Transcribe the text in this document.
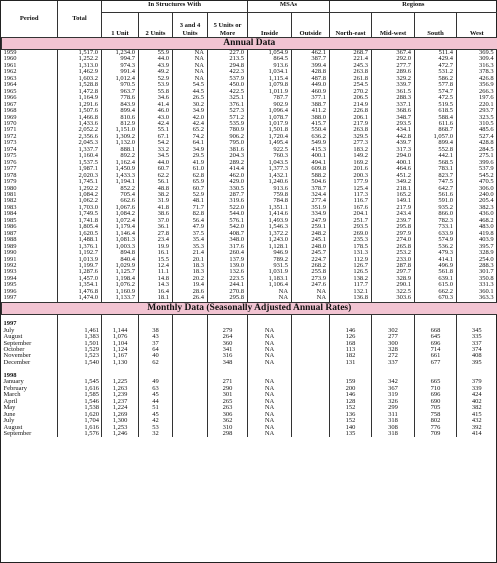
Period	Total	In Structures With				MSAs		Regions			
		1 Unit	2 Units	3 and 4 Units	5 Units or More	Inside	Outside	North-east	Mid-west	South	West
Annual Data											
1959	1,517.0	1,234.0	55.9	NA	227.0	1,054.9	462.1	268.7	367.4	511.4	369.5
1960	1,252.2	994.7	44.0	NA	213.5	864.5	387.7	221.4	292.0	429.4	309.4
1961	1,313.0	974.3	43.9	NA	294.8	913.6	399.4	245.3	277.7	472.7	316.3
1962	1,462.9	991.4	49.2	NA	422.3	1,034.1	428.8	263.8	289.6	531.2	378.3
1963	1,603.2	1,012.4	52.9	NA	537.9	1,115.4	487.8	261.8	329.2	586.2	426.8
1964	1,528.8	970.5	53.9	54.5	450.0	1,079.8	449.0	254.5	339.7	577.8	356.9
1965	1,472.8	963.7	55.8	44.5	422.5	1,011.9	460.9	270.2	361.5	574.7	266.3
1966	1,164.9	778.6	34.6	26.5	325.1	787.7	377.1	206.5	288.3	472.5	197.6
1967	1,291.6	843.9	41.4	30.2	376.1	902.9	388.7	214.9	337.1	519.5	220.1
1968	1,507.6	899.4	46.0	34.9	527.3	1,096.4	411.2	226.8	368.6	618.5	293.7
1969	1,466.8	810.6	43.0	42.0	571.2	1,078.7	388.0	206.1	348.7	588.4	323.5
1970	1,433.6	812.9	42.4	42.4	535.9	1,017.9	415.7	217.9	293.5	611.6	310.5
1971	2,052.2	1,151.0	55.1	65.2	780.9	1,501.8	550.4	263.8	434.1	868.7	485.6
1972	2,356.6	1,309.2	67.1	74.2	906.2	1,720.4	636.2	329.5	442.8	1,057.0	527.4
1973	2,045.3	1,132.0	54.2	64.1	795.0	1,495.4	549.9	277.3	439.7	899.4	428.8
1974	1,337.7	888.1	33.2	34.9	381.6	922.5	415.3	183.2	317.3	552.8	284.5
1975	1,160.4	892.2	34.5	29.5	204.3	760.3	400.1	149.2	294.0	442.1	275.1
1976	1,537.5	1,162.4	44.0	41.9	289.2	1,043.5	494.1	169.2	400.1	568.5	399.6
1977	1,987.1	1,450.9	60.7	61.0	414.4	1,377.3	609.8	201.6	464.6	783.1	537.9
1978	2,020.3	1,433.3	62.2	62.8	462.0	1,432.1	588.2	200.3	451.2	823.7	545.2
1979	1,745.1	1,194.1	56.1	65.9	429.0	1,240.6	504.6	177.9	349.2	747.5	470.5
1980	1,292.2	852.2	48.8	60.7	330.5	913.6	378.7	125.4	218.1	642.7	306.0
1981	1,084.2	705.4	38.2	52.9	287.7	759.8	324.4	117.3	165.2	561.6	240.0
1982	1,062.2	662.6	31.9	48.1	319.6	784.8	277.4	116.7	149.1	591.0	205.4
1983	1,703.0	1,067.6	41.8	71.7	522.0	1,351.1	351.9	167.6	217.9	935.2	382.3
1984	1,749.5	1,084.2	38.6	82.8	544.0	1,414.6	334.9	204.1	243.4	866.0	436.0
1985	1,741.8	1,072.4	37.0	56.4	576.1	1,493.9	247.9	251.7	239.7	782.3	468.2
1986	1,805.4	1,179.4	36.1	47.9	542.0	1,546.3	259.1	293.5	295.8	733.1	483.0
1987	1,620.5	1,146.4	27.8	37.5	408.7	1,372.2	248.2	269.0	297.9	633.9	419.8
1988	1,488.1	1,081.3	23.4	35.4	348.0	1,243.0	245.1	235.3	274.0	574.9	403.9
1989	1,376.1	1,003.3	19.9	35.3	317.6	1,128.1	248.0	178.5	265.8	536.2	395.7
1990	1,192.7	894.8	16.1	21.4	260.4	946.9	245.7	131.3	253.2	479.3	328.9
1991	1,013.9	840.4	15.5	20.1	137.9	789.2	224.7	112.9	233.0	414.1	254.0
1992	1,199.7	1,029.9	12.4	18.3	139.0	931.5	268.2	126.7	287.8	496.9	288.3
1993	1,287.6	1,125.7	11.1	18.3	132.6	1,031.9	255.8	126.5	297.7	561.8	301.7
1994	1,457.0	1,198.4	14.8	20.2	223.5	1,183.1	273.9	138.2	328.9	639.1	350.8
1995	1,354.1	1,076.2	14.3	19.4	244.1	1,106.4	247.6	117.7	290.1	615.0	331.3
1996	1,476.8	1,160.9	16.4	28.6	270.8	NA	NA	132.1	322.5	662.2	360.1
1997	1,474.0	1,133.7	18.1	26.4	295.8	NA	NA	136.8	303.6	670.3	363.3
Monthly Data (Seasonally Adjusted Annual Rates)											

1997											
July	1,461	1,144	38		279	NA		146	302	668	345
August	1,383	1,076	43		264	NA		126	277	645	335
September	1,501	1,104	37		360	NA		168	300	696	337
October	1,529	1,124	64		341	NA		113	328	714	374
November	1,523	1,167	40		316	NA		182	272	661	408
December	1,540	1,130	62		348	NA		131	337	677	395

1998											
January	1,545	1,225	49		271	NA		159	342	665	379
February	1,616	1,263	63		290	NA		200	367	710	339
March	1,585	1,239	45		301	NA		146	319	696	424
April	1,546	1,237	44		265	NA		128	326	690	402
May	1,538	1,224	51		263	NA		152	299	705	382
June	1,620	1,269	45		306	NA		136	311	758	415
July	1,704	1,300	42		362	NA		152	318	802	432
August	1,616	1,253	53		310	NA		140	308	776	392
September	1,576	1,246	32		298	NA		135	318	709	414
